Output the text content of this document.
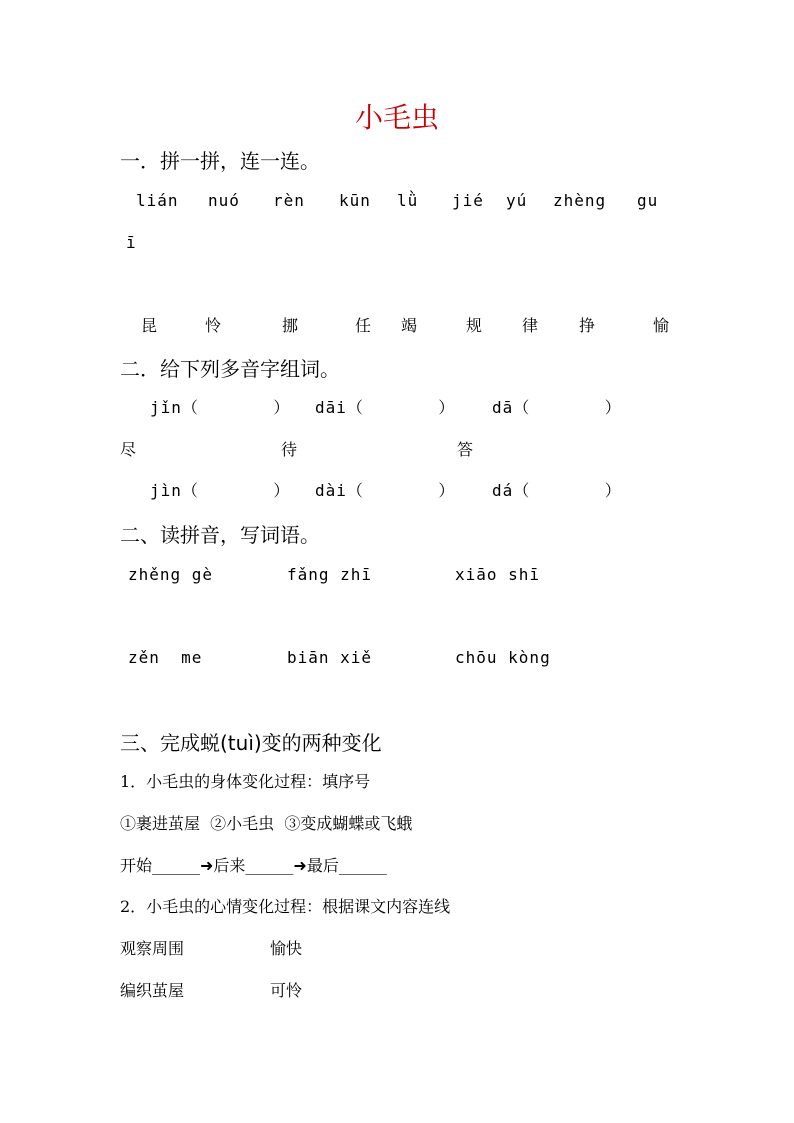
小毛虫
一．拼一拼，连一连。
lián nuó rèn kūn lǜ jié yú zhèng gu
ī
昆	怜	挪	任 竭	规 律	挣	愉
二．给下列多音字组词。
jǐn（       ） dāi（       ） dā（       ）
尽	待	答
jìn（       ） dài（       ） dá（       ）
二、读拼音，写词语。
zhěng gè	fǎng zhī	xiāo shī
zěn  me	biān xiě	chōu kòng
三、完成蜕(tuì)变的两种变化
1．小毛虫的身体变化过程：填序号
①裹进茧屋  ②小毛虫  ③变成蝴蝶或飞蛾
开始______➜后来______➜最后______
2．小毛虫的心情变化过程：根据课文内容连线
观察周围	愉快
编织茧屋	可怜
